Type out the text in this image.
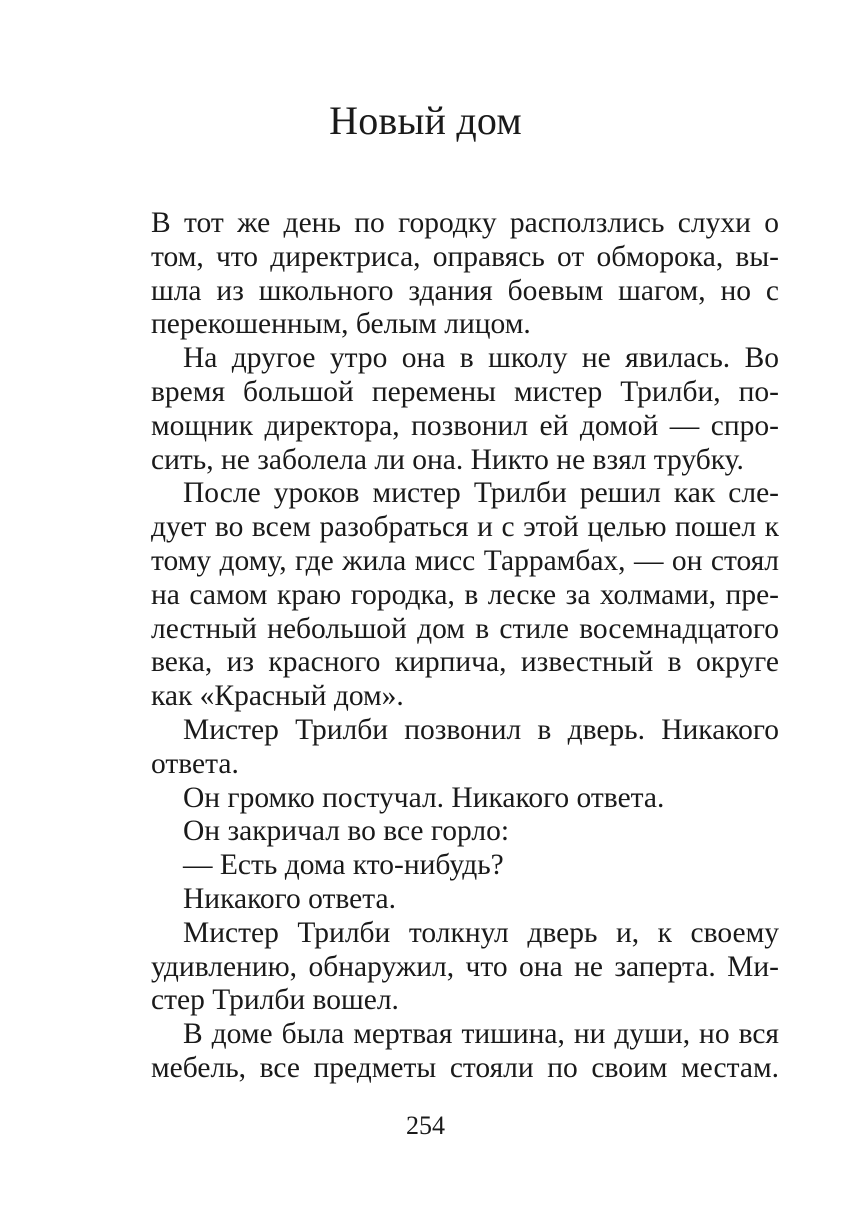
Новый дом
В тот же день по городку расползлись слухи о
том, что директриса, оправясь от обморока, вы-
шла из школьного здания боевым шагом, но с
перекошенным, белым лицом.
На другое утро она в школу не явилась. Во
время большой перемены мистер Трилби, по-
мощник директора, позвонил ей домой — спро-
сить, не заболела ли она. Никто не взял трубку.
После уроков мистер Трилби решил как сле-
дует во всем разобраться и с этой целью пошел к
тому дому, где жила мисс Таррамбах, — он стоял
на самом краю городка, в леске за холмами, пре-
лестный небольшой дом в стиле восемнадцатого
века, из красного кирпича, известный в округе
как «Красный дом».
Мистер Трилби позвонил в дверь. Никакого
ответа.
Он громко постучал. Никакого ответа.
Он закричал во все горло:
— Есть дома кто-нибудь?
Никакого ответа.
Мистер Трилби толкнул дверь и, к своему
удивлению, обнаружил, что она не заперта. Ми-
стер Трилби вошел.
В доме была мертвая тишина, ни души, но вся
мебель, все предметы стояли по своим местам.
254
